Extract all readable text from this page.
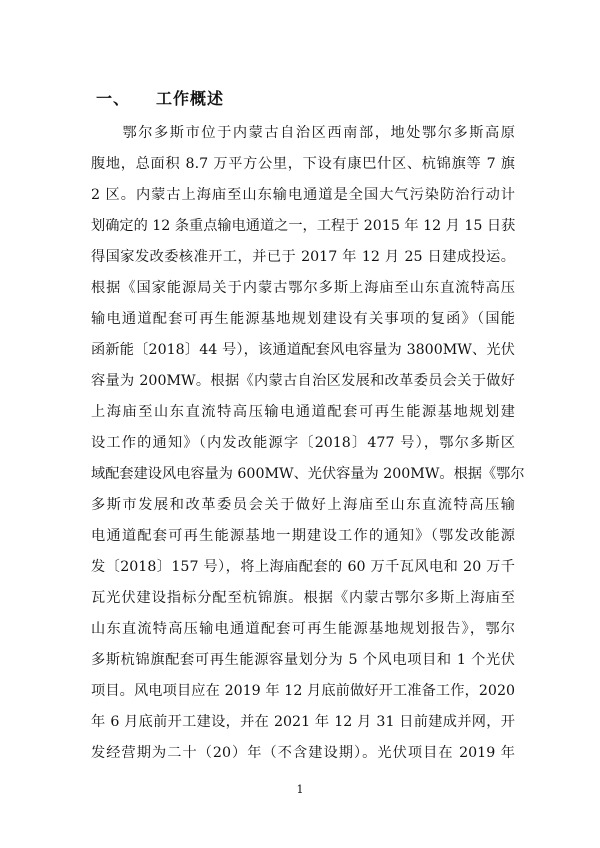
一、 工作概述
　　鄂尔多斯市位于内蒙古自治区西南部，地处鄂尔多斯高原
腹地，总面积 8.7 万平方公里，下设有康巴什区、杭锦旗等 7 旗
2 区。内蒙古上海庙至山东输电通道是全国大气污染防治行动计
划确定的 12 条重点输电通道之一，工程于 2015 年 12 月 15 日获
得国家发改委核准开工，并已于 2017 年 12 月 25 日建成投运。
根据《国家能源局关于内蒙古鄂尔多斯上海庙至山东直流特高压
输电通道配套可再生能源基地规划建设有关事项的复函》（国能
函新能〔2018〕44 号），该通道配套风电容量为 3800MW、光伏
容量为 200MW。根据《内蒙古自治区发展和改革委员会关于做好
上海庙至山东直流特高压输电通道配套可再生能源基地规划建
设工作的通知》（内发改能源字〔2018〕477 号），鄂尔多斯区
域配套建设风电容量为 600MW、光伏容量为 200MW。根据《鄂尔
多斯市发展和改革委员会关于做好上海庙至山东直流特高压输
电通道配套可再生能源基地一期建设工作的通知》（鄂发改能源
发〔2018〕157 号），将上海庙配套的 60 万千瓦风电和 20 万千
瓦光伏建设指标分配至杭锦旗。根据《内蒙古鄂尔多斯上海庙至
山东直流特高压输电通道配套可再生能源基地规划报告》，鄂尔
多斯杭锦旗配套可再生能源容量划分为 5 个风电项目和 1 个光伏
项目。风电项目应在 2019 年 12 月底前做好开工准备工作，2020
年 6 月底前开工建设，并在 2021 年 12 月 31 日前建成并网，开
发经营期为二十（20）年（不含建设期）。光伏项目在 2019 年
1
